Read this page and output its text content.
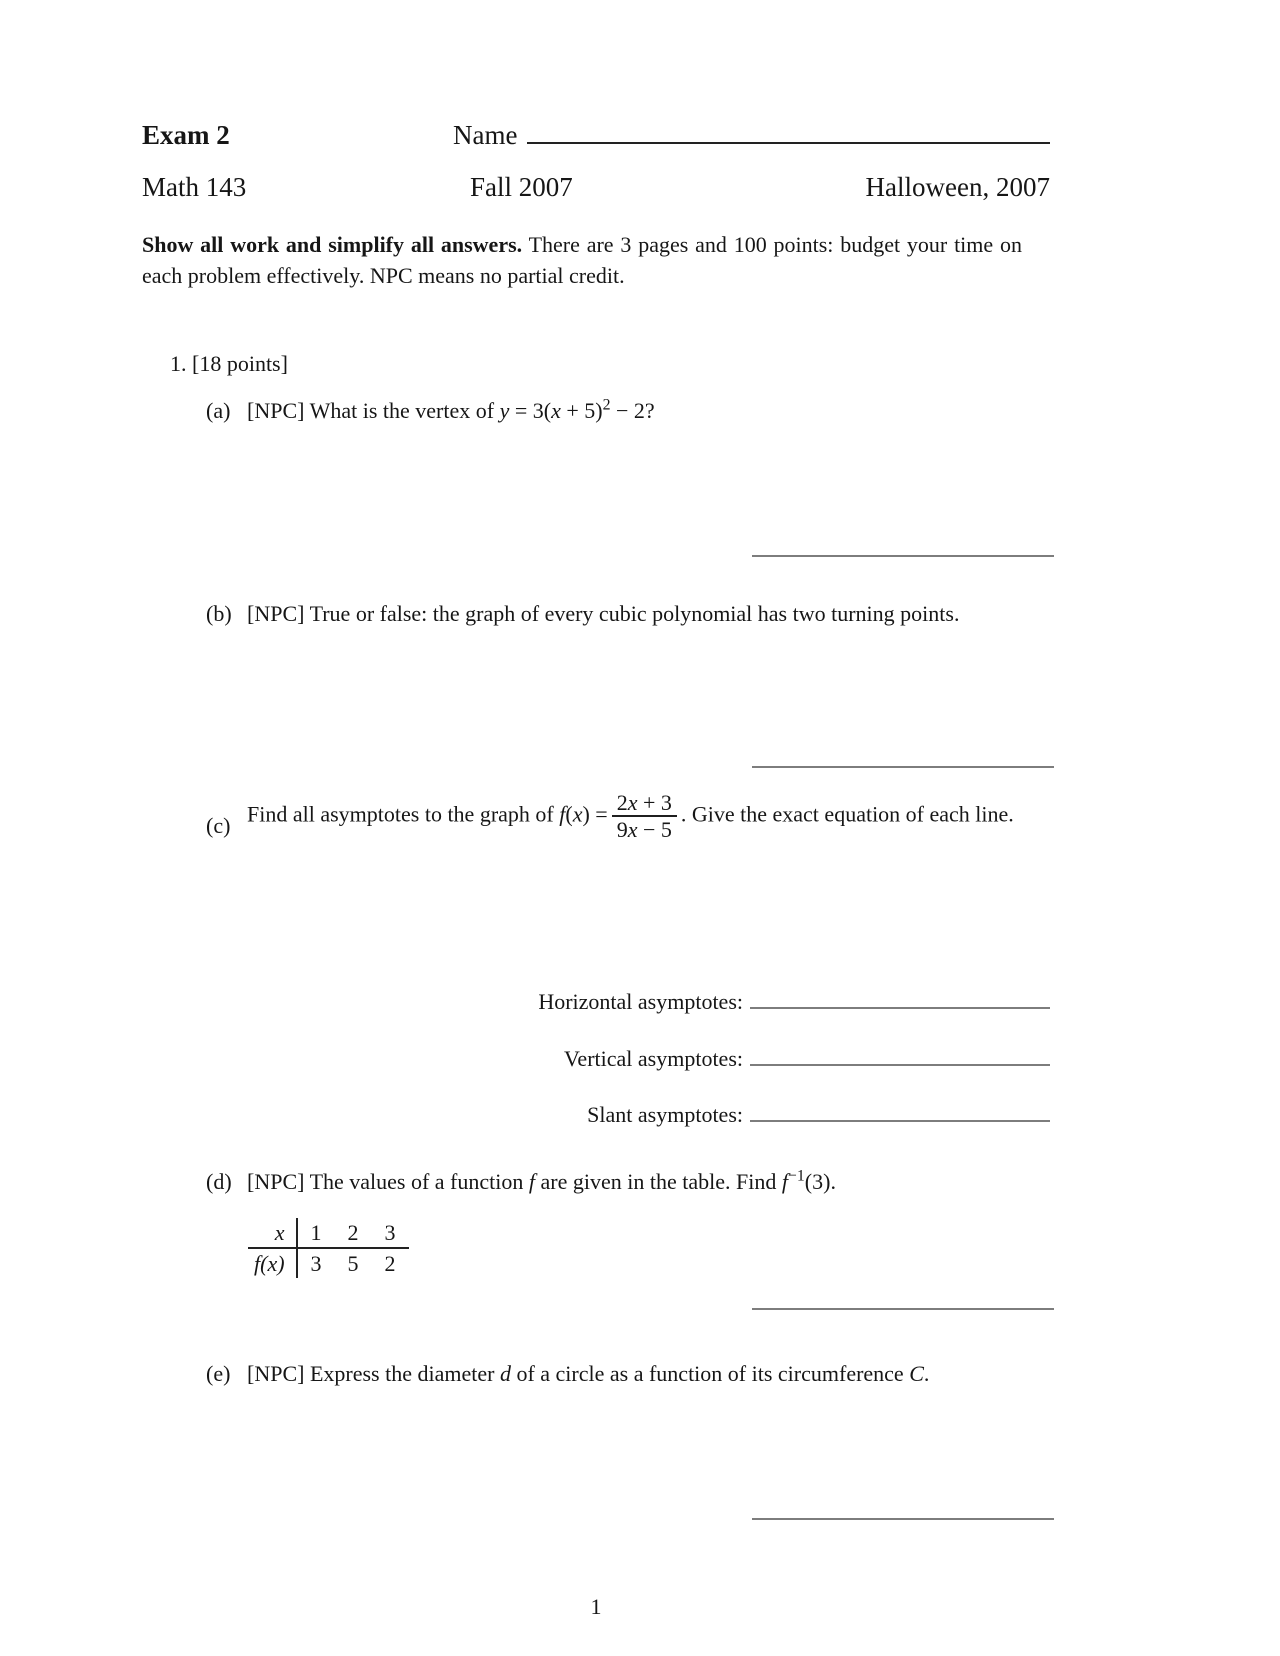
Exam 2	Name
Math 143	Fall 2007	Halloween, 2007
Show all work and simplify all answers. There are 3 pages and 100 points: budget your time on each problem effectively. NPC means no partial credit.
1. [18 points]
(a) [NPC] What is the vertex of $y = 3(x + 5)^2 - 2$?
(b) [NPC] True or false: the graph of every cubic polynomial has two turning points.
(c) Find all asymptotes to the graph of $f(x) = \frac{2x + 3}{9x - 5}$ . Give the exact equation of each line.
Horizontal asymptotes:
Vertical asymptotes:
Slant asymptotes:
(d) [NPC] The values of a function f are given in the table. Find $f^{-1}(3)$.
x	1	2	3
f(x)	3	5	2
(e) [NPC] Express the diameter d of a circle as a function of its circumference C.
1
